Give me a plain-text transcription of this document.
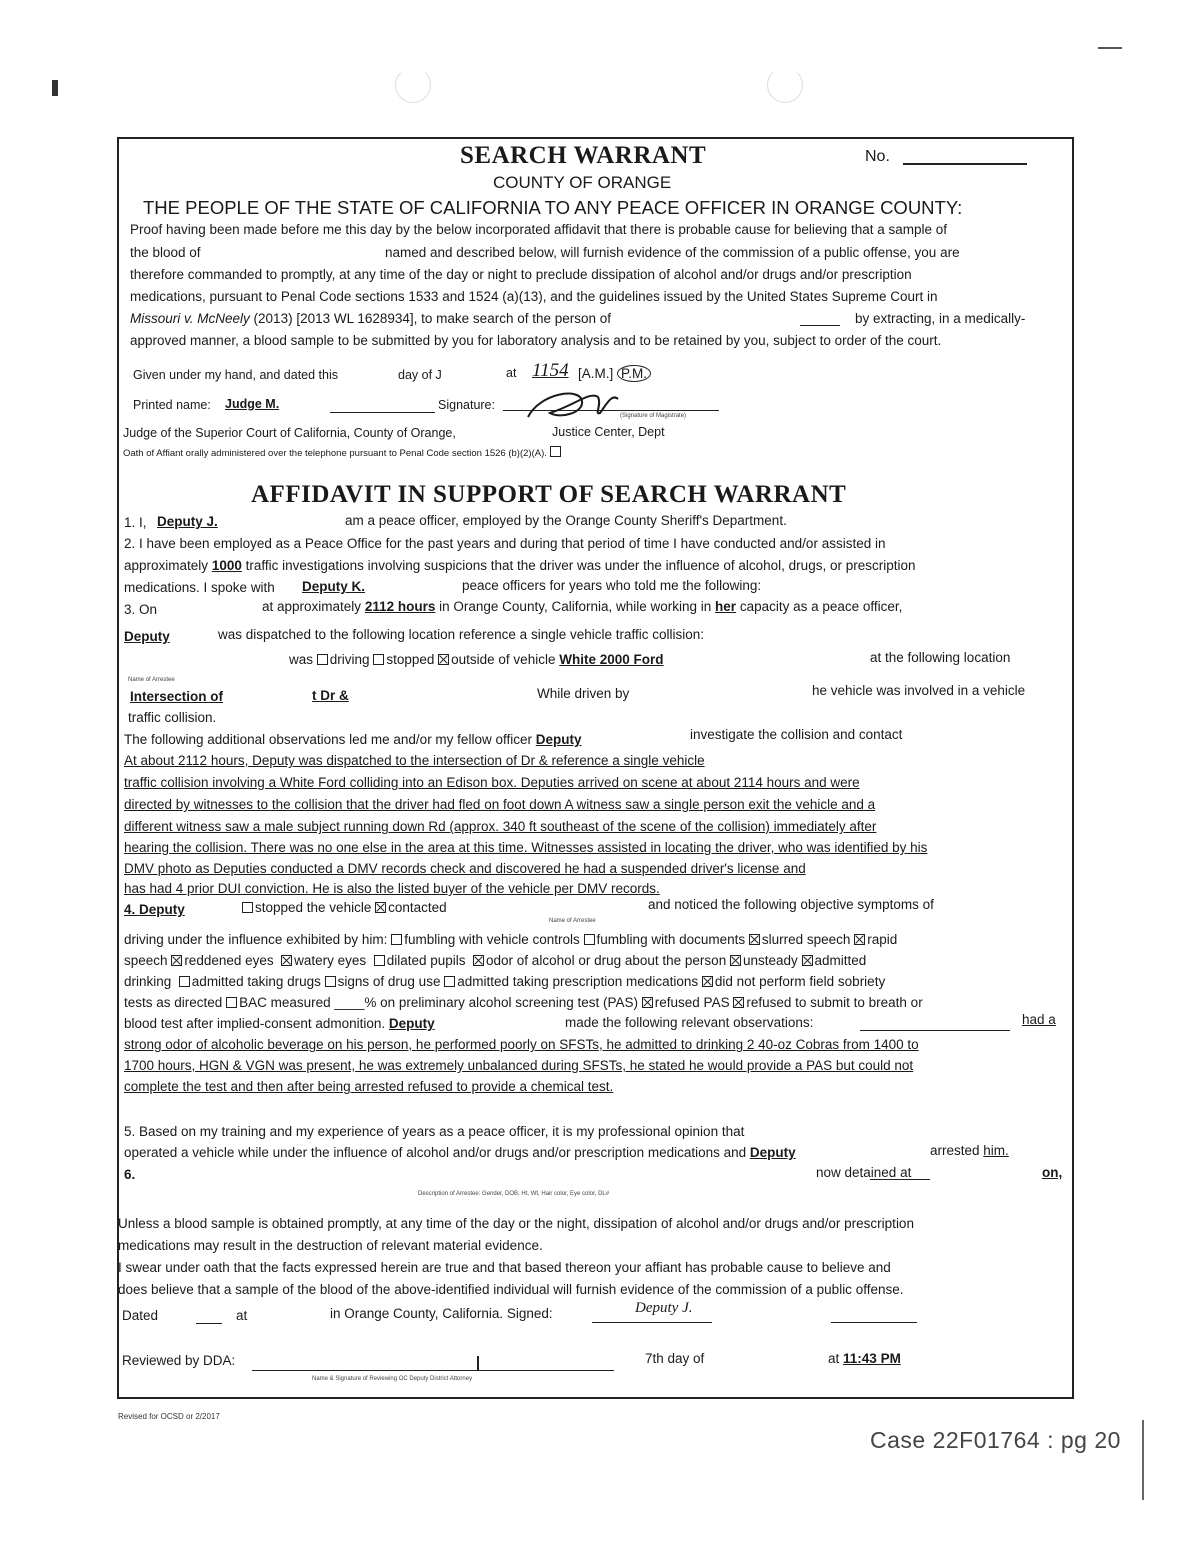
SEARCH WARRANT	No.
COUNTY OF ORANGE
THE PEOPLE OF THE STATE OF CALIFORNIA TO ANY PEACE OFFICER IN ORANGE COUNTY:
Proof having been made before me this day by the below incorporated affidavit that there is probable cause for believing that a sample of
the blood of	named and described below, will furnish evidence of the commission of a public offense, you are
therefore commanded to promptly, at any time of the day or night to preclude dissipation of alcohol and/or drugs and/or prescription
medications, pursuant to Penal Code sections 1533 and 1524 (a)(13), and the guidelines issued by the United States Supreme Court in
Missouri v. McNeely (2013) [2013 WL 1628934], to make search of the person of	by extracting, in a medically-
approved manner, a blood sample to be submitted by you for laboratory analysis and to be retained by you, subject to order of the court.
Given under my hand, and dated this	day of J	at 1154 [A.M.] P.M.
Printed name: Judge M.	Signature:
(Signature of Magistrate)
Judge of the Superior Court of California, County of Orange,	Justice Center, Dept
Oath of Affiant orally administered over the telephone pursuant to Penal Code section 1526 (b)(2)(A).
AFFIDAVIT IN SUPPORT OF SEARCH WARRANT
1. I, Deputy J.	am a peace officer, employed by the Orange County Sheriff's Department.
2. I have been employed as a Peace Office for the past years and during that period of time I have conducted and/or assisted in
approximately 1000 traffic investigations involving suspicions that the driver was under the influence of alcohol, drugs, or prescription
medications. I spoke with Deputy K.	peace officers for years who told me the following:
3. On	at approximately 2112 hours in Orange County, California, while working in her capacity as a peace officer,
Deputy	was dispatched to the following location reference a single vehicle traffic collision:
was driving stopped outside of vehicle White 2000 Ford	at the following location
Name of Arrestee
Intersection of	t Dr &	While driven by	he vehicle was involved in a vehicle
traffic collision.
The following additional observations led me and/or my fellow officer Deputy	investigate the collision and contact
At about 2112 hours, Deputy was dispatched to the intersection of Dr & reference a single vehicle
traffic collision involving a White Ford colliding into an Edison box. Deputies arrived on scene at about 2114 hours and were
directed by witnesses to the collision that the driver had fled on foot down A witness saw a single person exit the vehicle and a
different witness saw a male subject running down Rd (approx. 340 ft southeast of the scene of the collision) immediately after
hearing the collision. There was no one else in the area at this time. Witnesses assisted in locating the driver, who was identified by his
DMV photo as Deputies conducted a DMV records check and discovered he had a suspended driver's license and
has had 4 prior DUI conviction. He is also the listed buyer of the vehicle per DMV records.
4. Deputy	stopped the vehicle contacted	and noticed the following objective symptoms of
Name of Arrestee
driving under the influence exhibited by him: fumbling with vehicle controls fumbling with documents slurred speech rapid
speech reddened eyes watery eyes dilated pupils odor of alcohol or drug about the person unsteady admitted
drinking admitted taking drugs signs of drug use admitted taking prescription medications did not perform field sobriety
tests as directed BAC measured ____% on preliminary alcohol screening test (PAS) refused PAS refused to submit to breath or
blood test after implied-consent admonition. Deputy	made the following relevant observations:	had a
strong odor of alcoholic beverage on his person, he performed poorly on SFSTs, he admitted to drinking 2 40-oz Cobras from 1400 to
1700 hours, HGN & VGN was present, he was extremely unbalanced during SFSTs, he stated he would provide a PAS but could not
complete the test and then after being arrested refused to provide a chemical test.
5. Based on my training and my experience of years as a peace officer, it is my professional opinion that
operated a vehicle while under the influence of alcohol and/or drugs and/or prescription medications and Deputy	arrested him.
6.	now detained at	on,
Description of Arrestee: Gender, DOB, Ht, Wt, Hair color, Eye color, DL#
Unless a blood sample is obtained promptly, at any time of the day or the night, dissipation of alcohol and/or drugs and/or prescription
medications may result in the destruction of relevant material evidence.
I swear under oath that the facts expressed herein are true and that based thereon your affiant has probable cause to believe and
does believe that a sample of the blood of the above-identified individual will furnish evidence of the commission of a public offense.
Dated	at	in Orange County, California. Signed:	Deputy J.
Reviewed by DDA:
Name & Signature of Reviewing OC Deputy District Attorney
7th day of	at 11:43 PM
Revised for OCSD or 2/2017
Case 22F01764 : pg 20
